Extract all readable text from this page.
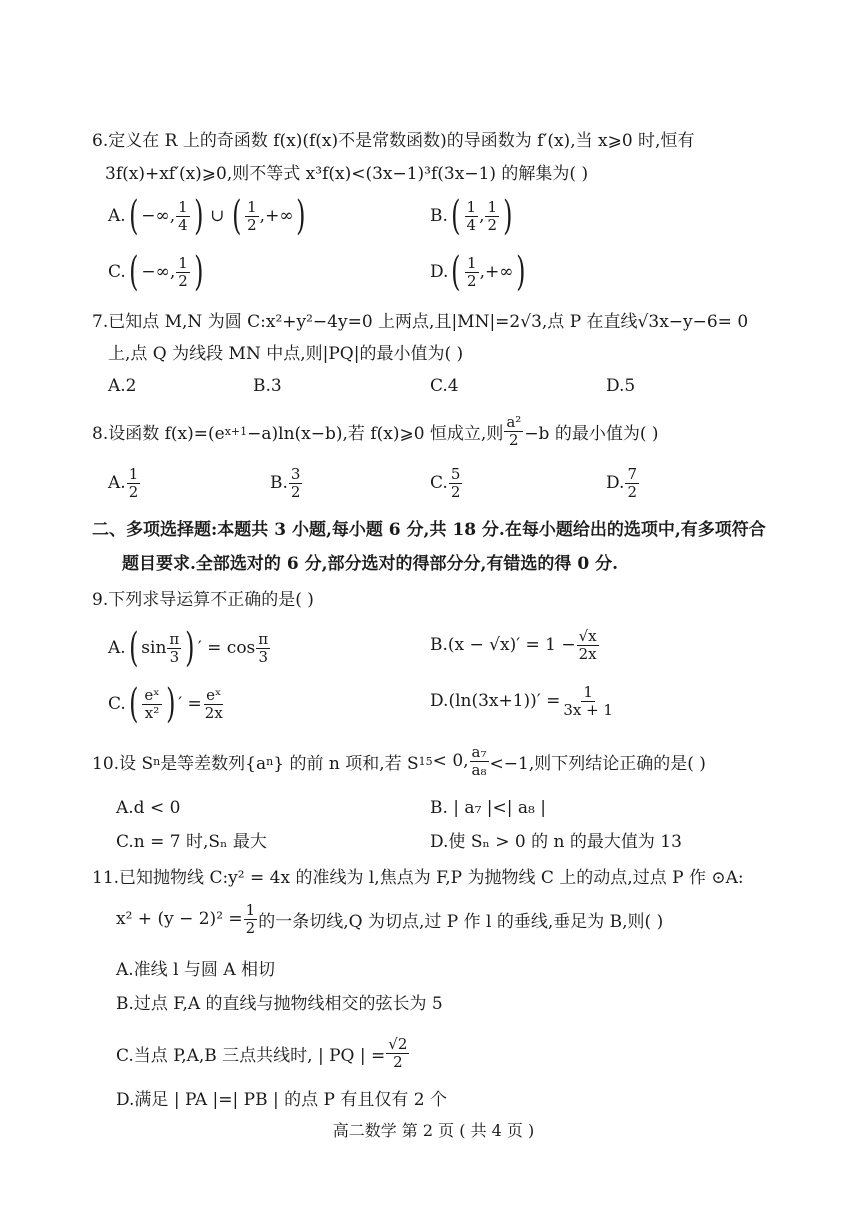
6.定义在 R 上的奇函数 f(x)(f(x)不是常数函数)的导函数为 f′(x),当 x⩾0 时,恒有
3f(x)+xf′(x)⩾0,则不等式 x³f(x)<(3x−1)³f(3x−1) 的解集为( )
A. ( −∞, $\frac{1}{4}$ ) ∪ ( $\frac{1}{2}$ ,+∞ )	B. ( $\frac{1}{4}$ , $\frac{1}{2}$ )
C. ( −∞, $\frac{1}{2}$ )	D. ( $\frac{1}{2}$ ,+∞ )
7.已知点 M,N 为圆 C:x²+y²−4y=0 上两点,且|MN|=2√3,点 P 在直线√3x−y−6= 0
上,点 Q 为线段 MN 中点,则|PQ|的最小值为( )
A.2	B.3	C.4	D.5
8.设函数 f(x)=(e x+1 −a)ln(x−b),若 f(x)⩾0 恒成立,则 $\frac{\text{a²}}{2} -b$ 的最小值为( )
A. $\frac{1}{2}$	B. $\frac{3}{2}$	C. $\frac{5}{2}$	D. $\frac{7}{2}$
二、多项选择题:本题共 3 小题,每小题 6 分,共 18 分.在每小题给出的选项中,有多项符合
题目要求.全部选对的 6 分,部分选对的得部分分,有错选的得 0 分.
9.下列求导运算不正确的是( )
A. ( $\sin \frac{\pi}{3}$ ) ′ = $\cos \frac{\pi}{3}$	B. $(x - √x)' = 1 - \frac{√x}{2x}$
C. ( $\frac{\text{eˣ}}{\text{x²}}$ ) ′ = $\frac{\text{eˣ}}{2x}$	D. $(\ln(3x+1))' = \frac{1}{3x + 1}$
10.设 S n 是等差数列{a n } 的前 n 项和,若 S 15 < 0, $\frac{\text{a₇}}{\text{a₈}} <-1$,则下列结论正确的是( )
A.d < 0	B. | a₇ |<| a₈ |
C.n = 7 时,Sₙ 最大	D.使 Sₙ > 0 的 n 的最大值为 13
11.已知抛物线 C:y² = 4x 的准线为 l,焦点为 F,P 为抛物线 C 上的动点,过点 P 作 ⊙A:
$x^2 + (y - 2)^2 = \frac{1}{2}$ 的一条切线,Q 为切点,过 P 作 l 的垂线,垂足为 B,则( )
A.准线 l 与圆 A 相切
B.过点 F,A 的直线与抛物线相交的弦长为 5
C.当点 P,A,B 三点共线时, | PQ | = $\frac{√2}{2}$
D.满足 | PA |=| PB | 的点 P 有且仅有 2 个
高二数学 第 2 页 ( 共 4 页 )
